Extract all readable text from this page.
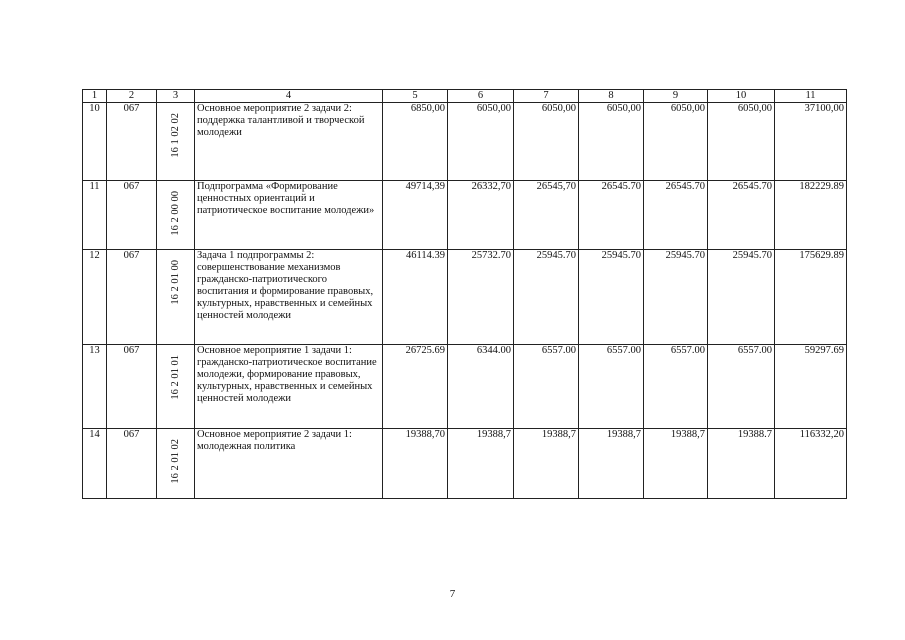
1	2	3	4	5	6	7	8	9	10	11
10	067	16 1 02 02	Основное мероприятие 2 задачи 2: поддержка талантливой и творческой молодежи	6850,00	6050,00	6050,00	6050,00	6050,00	6050,00	37100,00
11	067	16 2 00 00	Подпрограмма «Формирование ценностных ориентаций и патриотическое воспитание молодежи»	49714,39	26332,70	26545,70	26545.70	26545.70	26545.70	182229.89
12	067	16 2 01 00	Задача 1 подпрограммы 2: совершенствование механизмов гражданско-патриотического воспитания и формирование правовых, культурных, нравственных и семейных ценностей молодежи	46114.39	25732.70	25945.70	25945.70	25945.70	25945.70	175629.89
13	067	16 2 01 01	Основное мероприятие 1 задачи 1: гражданско-патриотическое воспитание молодежи, формирование правовых, культурных, нравственных и семейных ценностей молодежи	26725.69	6344.00	6557.00	6557.00	6557.00	6557.00	59297.69
14	067	16 2 01 02	Основное мероприятие 2 задачи 1: молодежная политика	19388,70	19388,7	19388,7	19388,7	19388,7	19388.7	116332,20
7
